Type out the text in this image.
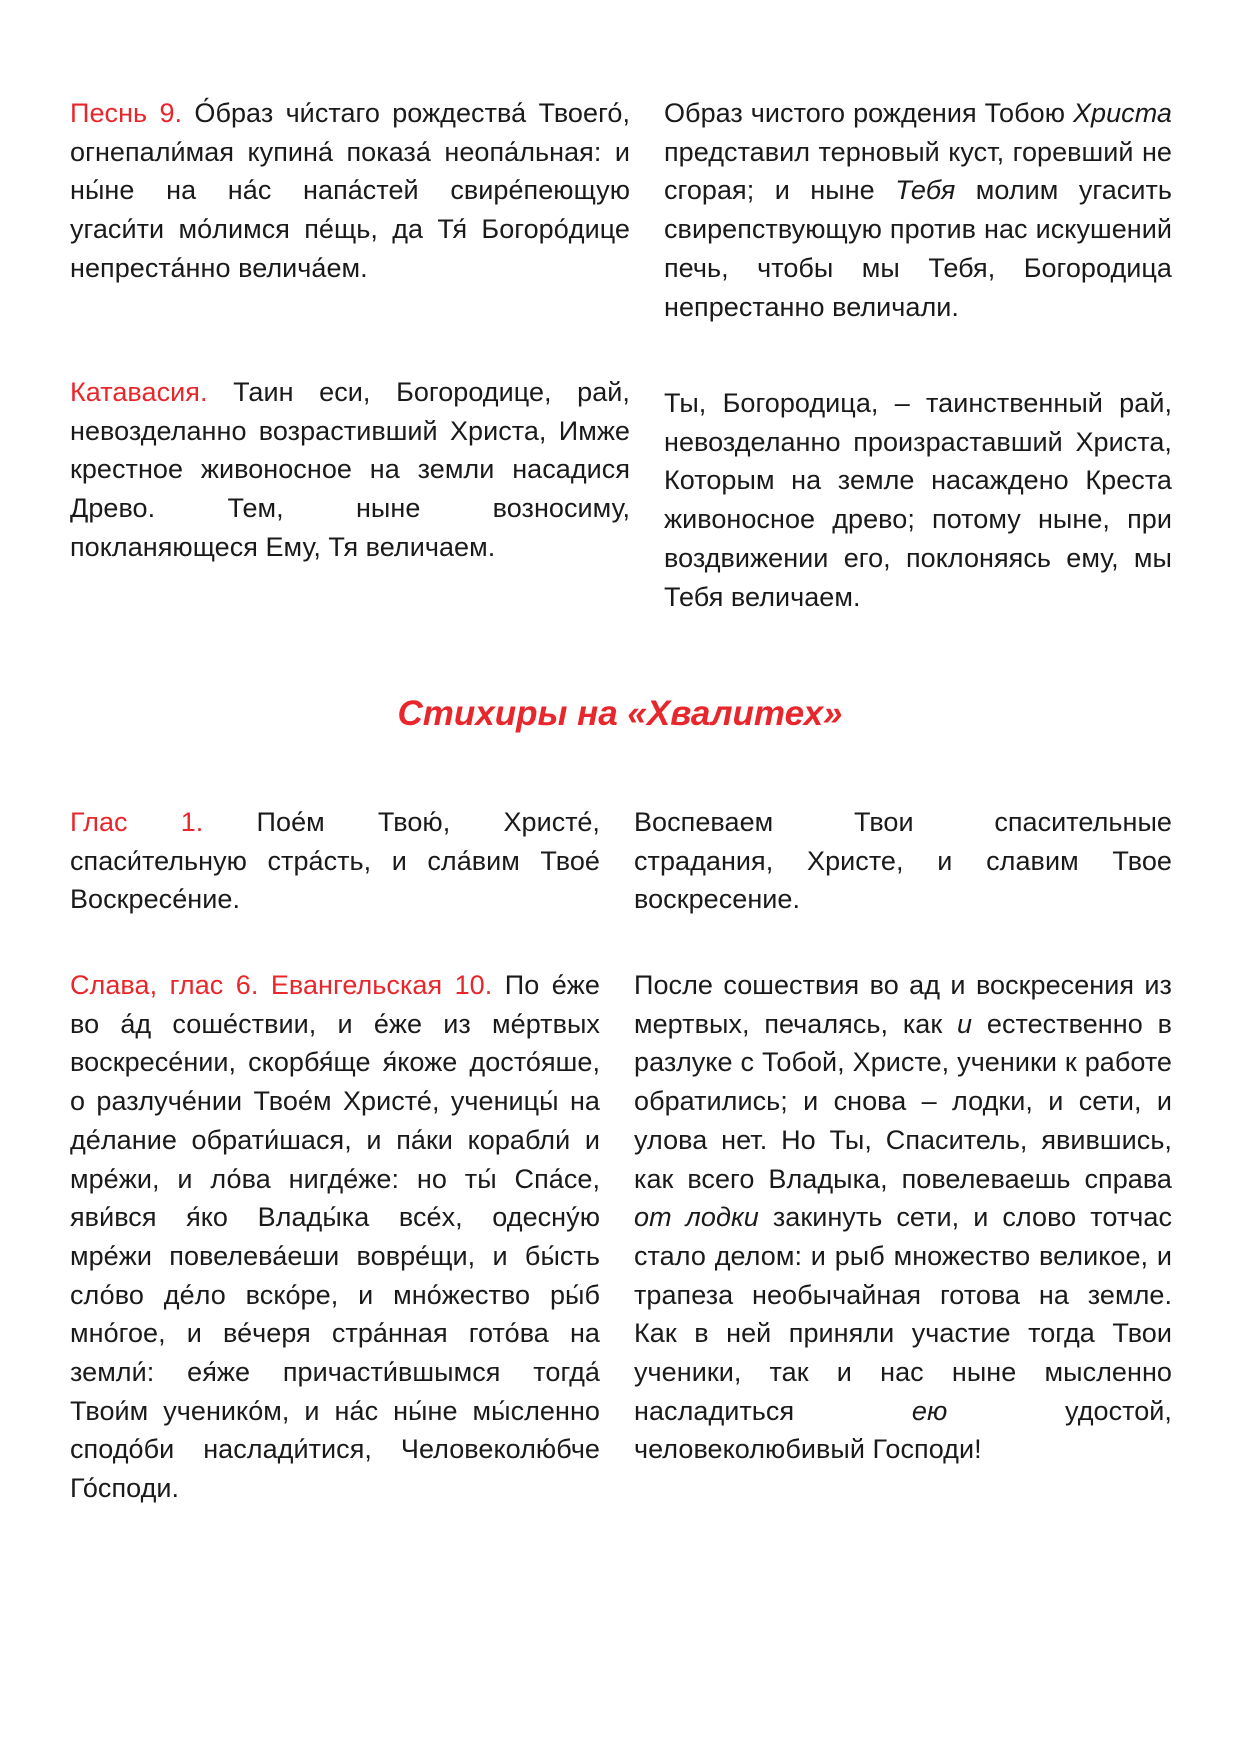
Песнь 9. О́браз чи́стаго рождества́ Твоего́, огнепали́мая купина́ показа́ неопа́льная: и ны́не на на́с напа́стей свире́пеющую угаси́ти мо́лимся пе́щь, да Тя́ Богоро́дице непреста́нно велича́ем.
Образ чистого рождения Тобою Христа представил терновый куст, горевший не сгорая; и ныне Тебя молим угасить свирепствующую против нас искушений печь, чтобы мы Тебя, Богородица непрестанно величали.
Катавасия. Таин еси, Богородице, рай, невозделанно возрастивший Христа, Имже крестное живоносное на земли насадися Древо. Тем, ныне возносиму, покланяющеся Ему, Тя величаем.
Ты, Богородица, – таинственный рай, невозделанно произраставший Христа, Которым на земле насаждено Креста живоносное древо; потому ныне, при воздвижении его, поклоняясь ему, мы Тебя величаем.
Стихиры на «Хвалитех»
Глас 1. Пое́м Твою́, Христе́, спаси́тельную стра́сть, и сла́вим Твое́ Воскресе́ние.
Воспеваем Твои спасительные страдания, Христе, и славим Твое воскресение.
Слава, глас 6. Евангельская 10. По е́же во а́д соше́ствии, и е́же из ме́ртвых воскресе́нии, скорбя́ще я́коже досто́яше, о разлуче́нии Твое́м Христе́, ученицы́ на де́лание обрати́шася, и па́ки корабли́ и мре́жи, и ло́ва нигде́же: но ты́ Спа́се, яви́вся я́ко Влады́ка все́х, одесну́ю мре́жи повелева́еши вовре́щи, и бы́сть сло́во де́ло вско́ре, и мно́жество ры́б мно́гое, и ве́черя стра́нная гото́ва на земли́: ея́же причасти́вшымся тогда́ Твои́м ученико́м, и на́с ны́не мы́сленно сподо́би наслади́тися, Человеколю́бче Го́споди.
После сошествия во ад и воскресения из мертвых, печалясь, как и естественно в разлуке с Тобой, Христе, ученики к работе обратились; и снова – лодки, и сети, и улова нет. Но Ты, Спаситель, явившись, как всего Владыка, повелеваешь справа от лодки закинуть сети, и слово тотчас стало делом: и рыб множество великое, и трапеза необычайная готова на земле. Как в ней приняли участие тогда Твои ученики, так и нас ныне мысленно насладиться ею удостой, человеколюбивый Господи!
